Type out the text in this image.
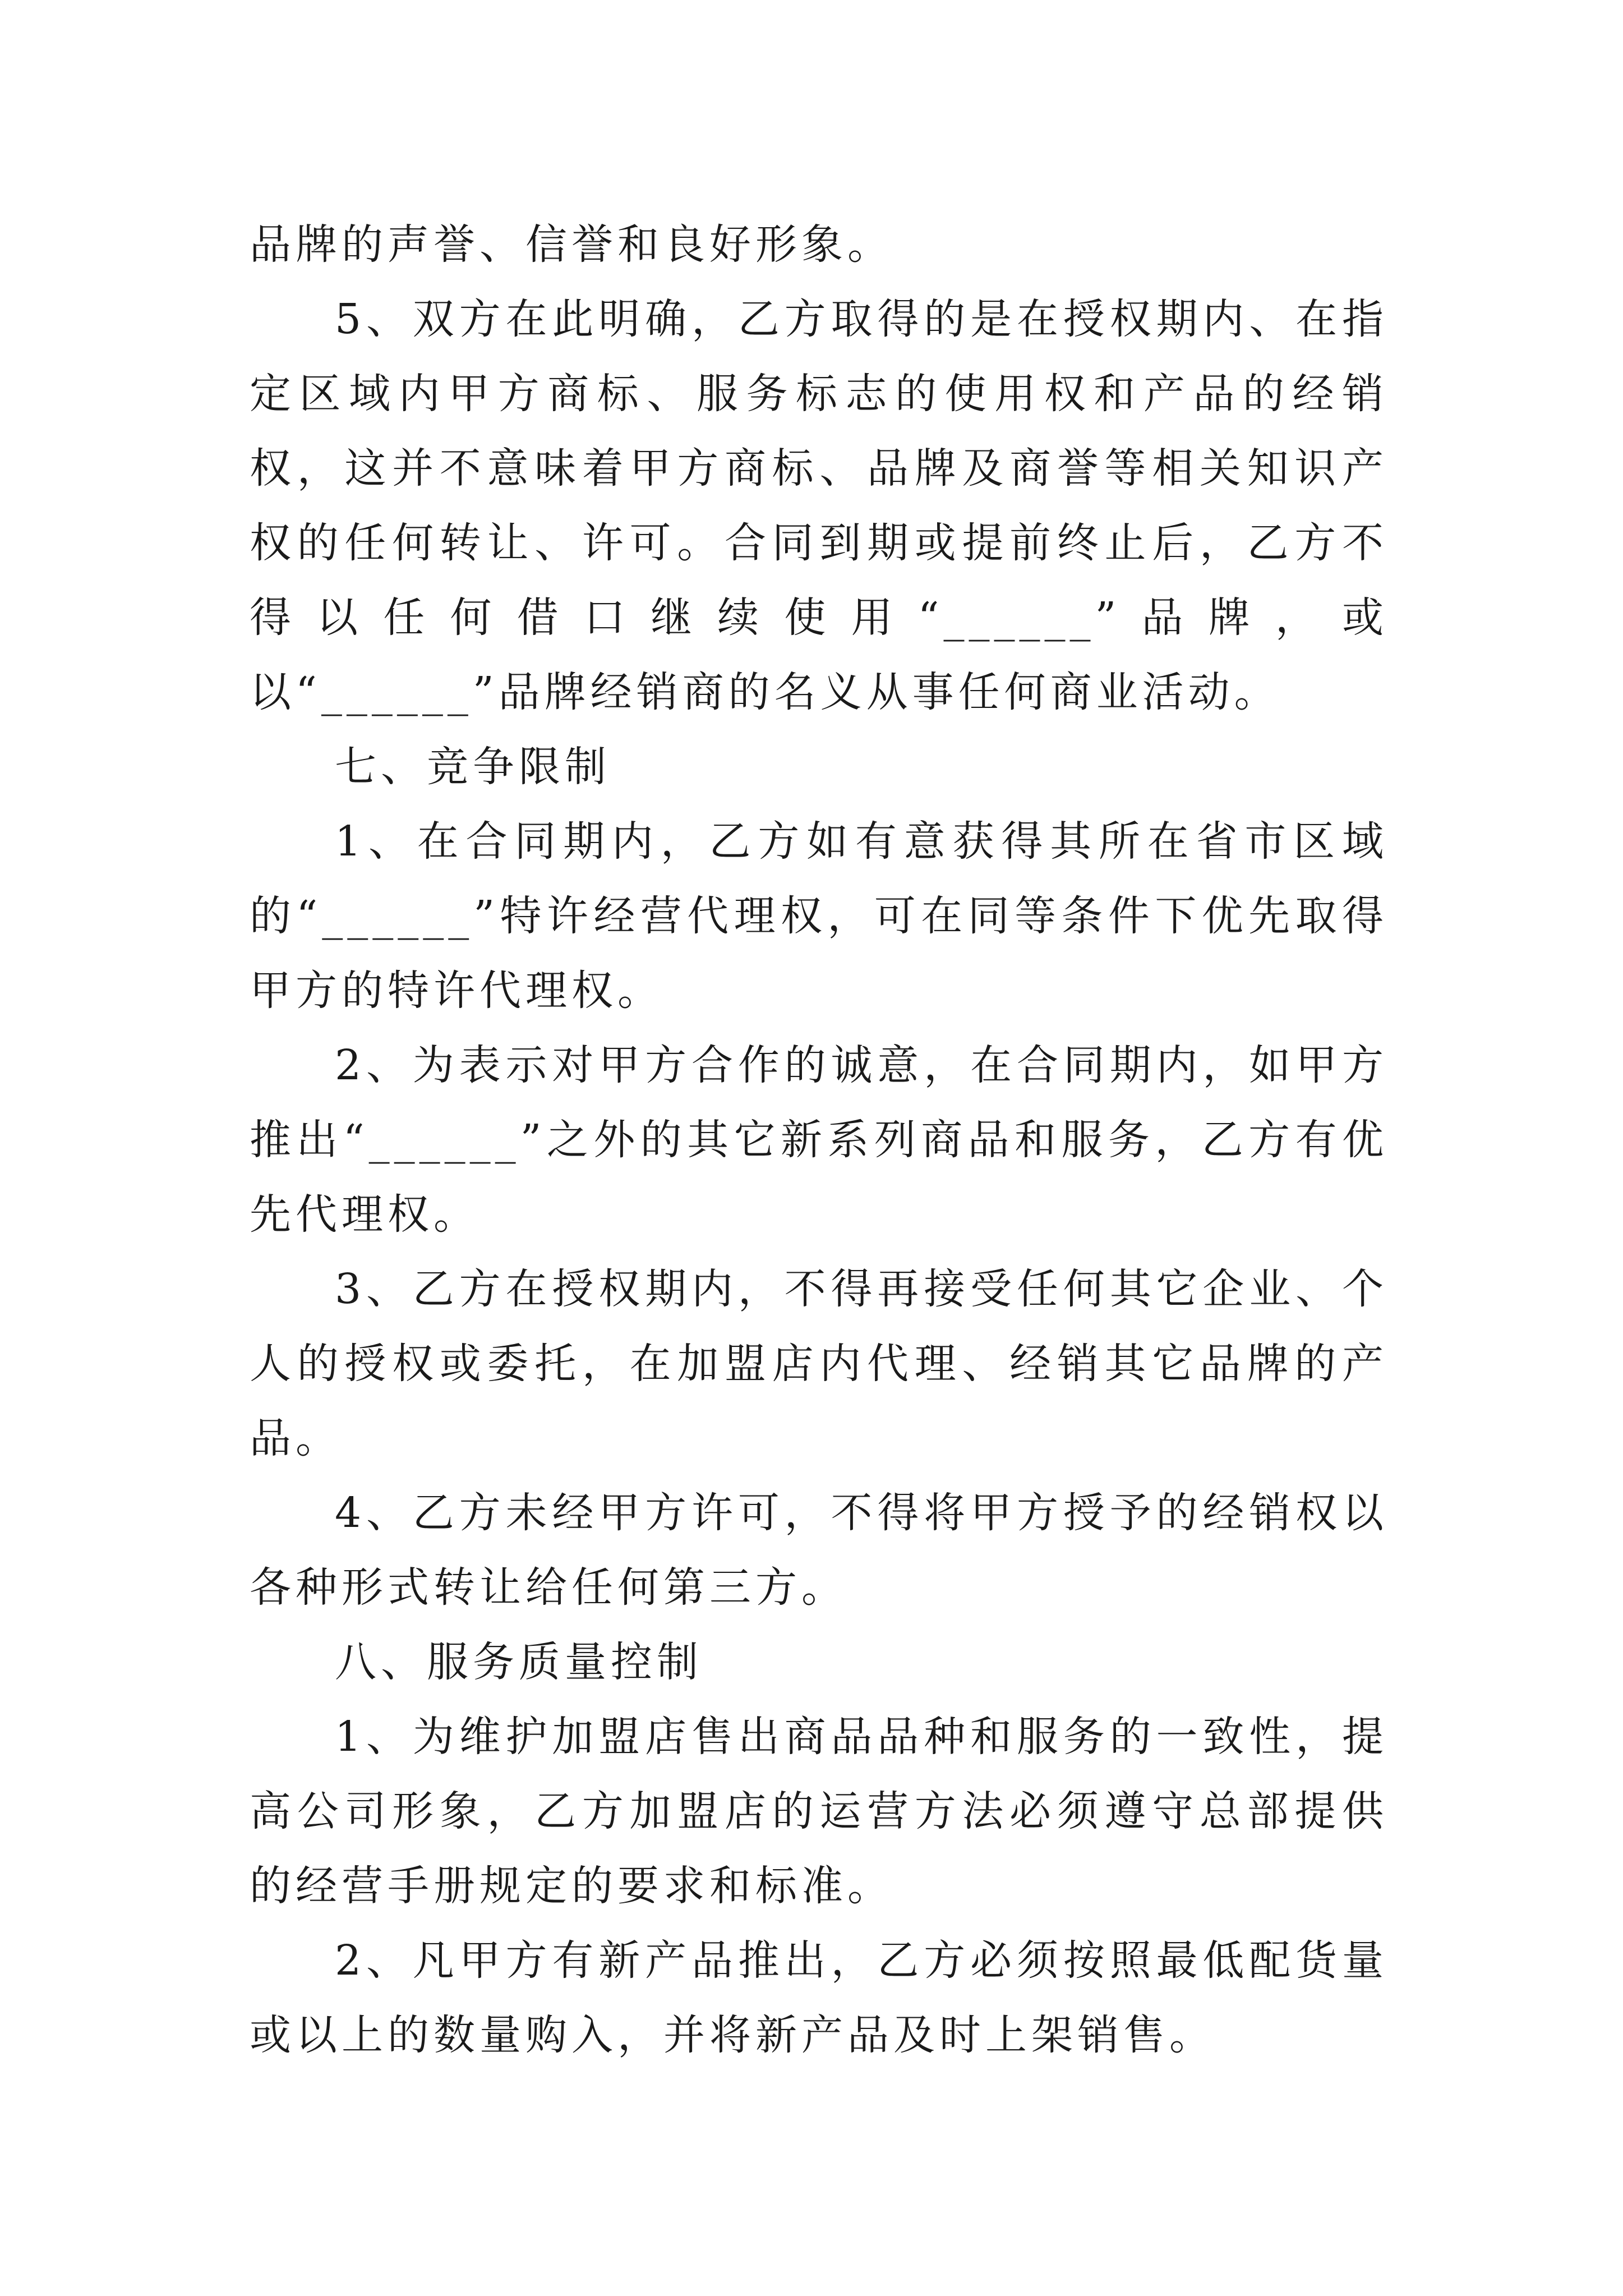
品牌的声誉、信誉和良好形象。

5、双方在此明确，乙方取得的是在授权期内、在指定区域内甲方商标、服务标志的使用权和产品的经销权，这并不意味着甲方商标、品牌及商誉等相关知识产权的任何转让、许可。合同到期或提前终止后，乙方不得以任何借口继续使用“______”品牌，或以“______”品牌经销商的名义从事任何商业活动。

七、竞争限制

1、在合同期内，乙方如有意获得其所在省市区域的“______”特许经营代理权，可在同等条件下优先取得甲方的特许代理权。

2、为表示对甲方合作的诚意，在合同期内，如甲方推出“______”之外的其它新系列商品和服务，乙方有优先代理权。

3、乙方在授权期内，不得再接受任何其它企业、个人的授权或委托，在加盟店内代理、经销其它品牌的产品。

4、乙方未经甲方许可，不得将甲方授予的经销权以各种形式转让给任何第三方。

八、服务质量控制

1、为维护加盟店售出商品品种和服务的一致性，提高公司形象，乙方加盟店的运营方法必须遵守总部提供的经营手册规定的要求和标准。

2、凡甲方有新产品推出，乙方必须按照最低配货量或以上的数量购入，并将新产品及时上架销售。
